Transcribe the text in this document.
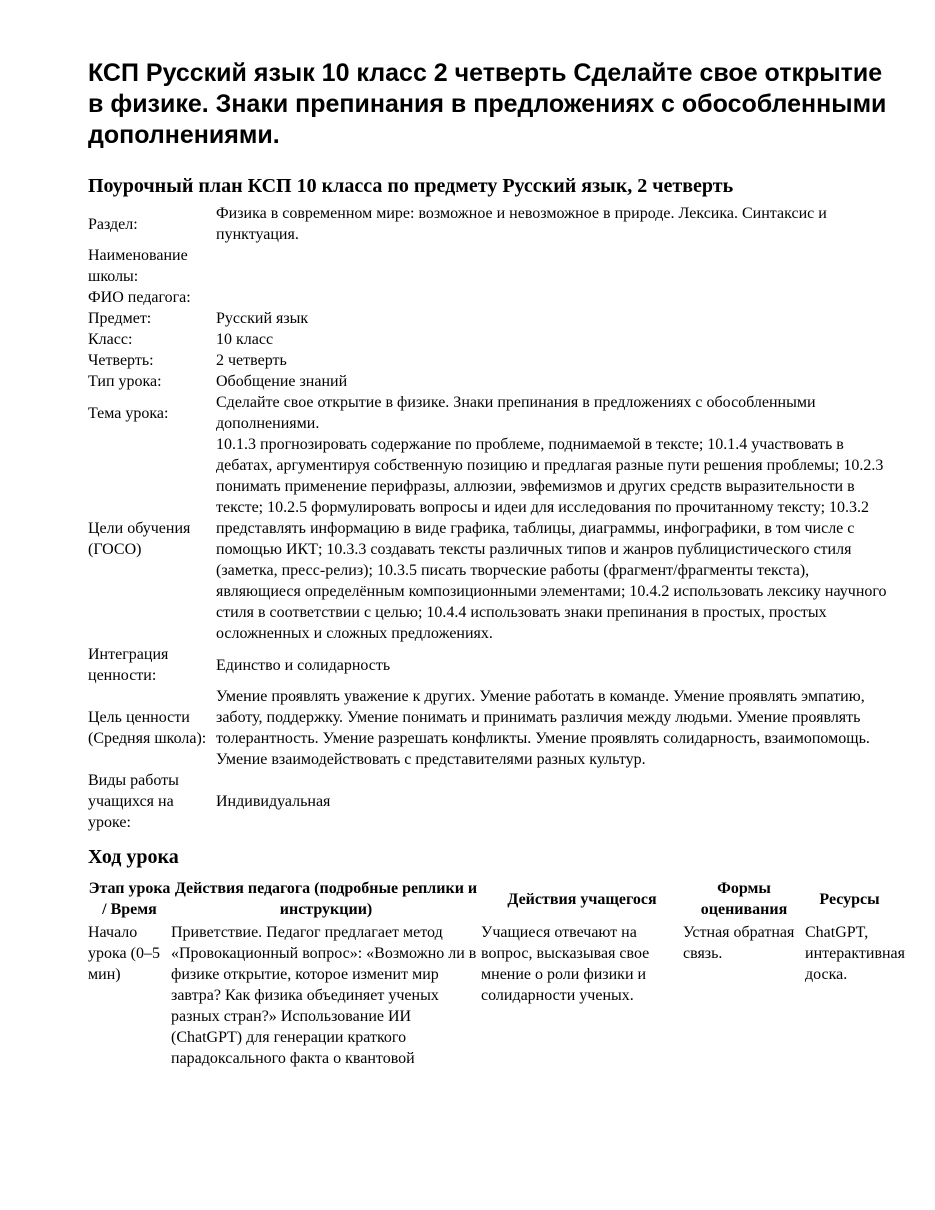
КСП Русский язык 10 класс 2 четверть Сделайте свое открытие в физике. Знаки препинания в предложениях с обособленными дополнениями.
Поурочный план КСП 10 класса по предмету Русский язык, 2 четверть
Раздел:	Физика в современном мире: возможное и невозможное в природе. Лексика. Синтаксис и пунктуация.
Наименование школы:	
ФИО педагога:	
Предмет:	Русский язык
Класс:	10 класс
Четверть:	2 четверть
Тип урока:	Обобщение знаний
Тема урока:	Сделайте свое открытие в физике. Знаки препинания в предложениях с обособленными дополнениями.
Цели обучения (ГОСО)	10.1.3 прогнозировать содержание по проблеме, поднимаемой в тексте; 10.1.4 участвовать в дебатах, аргументируя собственную позицию и предлагая разные пути решения проблемы; 10.2.3 понимать применение перифразы, аллюзии, эвфемизмов и других средств выразительности в тексте; 10.2.5 формулировать вопросы и идеи для исследования по прочитанному тексту; 10.3.2 представлять информацию в виде графика, таблицы, диаграммы, инфографики, в том числе с помощью ИКТ; 10.3.3 создавать тексты различных типов и жанров публицистического стиля (заметка, пресс-релиз); 10.3.5 писать творческие работы (фрагмент/фрагменты текста), являющиеся определённым композиционными элементами; 10.4.2 использовать лексику научного стиля в соответствии с целью; 10.4.4 использовать знаки препинания в простых, простых осложненных и сложных предложениях.
Интеграция ценности:	Единство и солидарность
Цель ценности (Средняя школа):	Умение проявлять уважение к других. Умение работать в команде. Умение проявлять эмпатию, заботу, поддержку. Умение понимать и принимать различия между людьми. Умение проявлять толерантность. Умение разрешать конфликты. Умение проявлять солидарность, взаимопомощь. Умение взаимодействовать с представителями разных культур.
Виды работы учащихся на уроке:	Индивидуальная
Ход урока
Этап урока / Время	Действия педагога (подробные реплики и инструкции)	Действия учащегося	Формы оценивания	Ресурсы
Начало урока (0–5 мин)	Приветствие. Педагог предлагает метод «Провокационный вопрос»: «Возможно ли в физике открытие, которое изменит мир завтра? Как физика объединяет ученых разных стран?» Использование ИИ (ChatGPT) для генерации краткого парадоксального факта о квантовой	Учащиеся отвечают на вопрос, высказывая свое мнение о роли физики и солидарности ученых.	Устная обратная связь.	ChatGPT, интерактивная доска.
